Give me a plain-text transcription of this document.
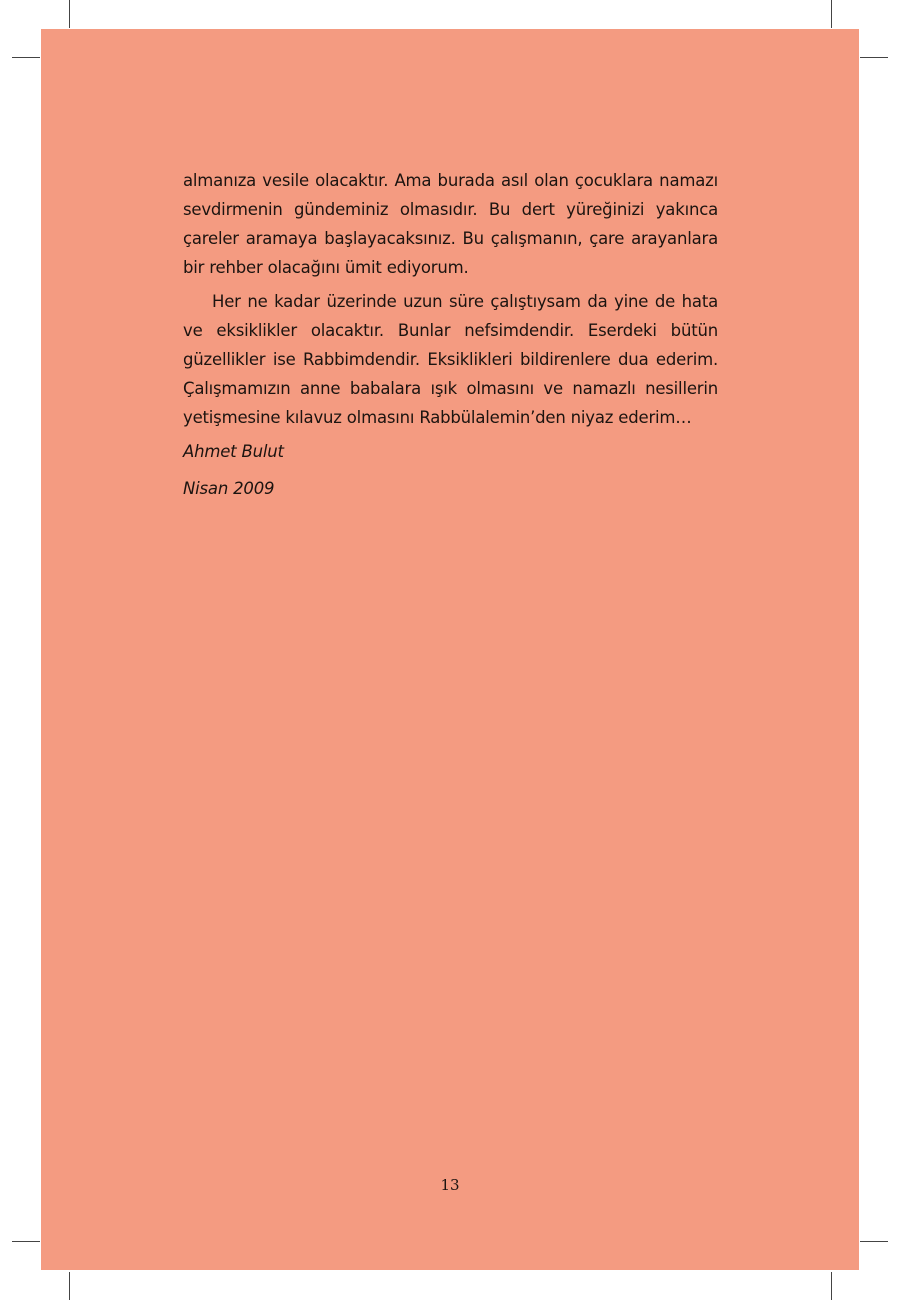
almanıza vesile olacaktır. Ama burada asıl olan çocuklara namazı sevdirmenin gündeminiz olmasıdır. Bu dert yüreğinizi yakınca çareler aramaya başlayacaksınız. Bu çalışmanın, çare arayanlara bir rehber olacağını ümit ediyorum.

Her ne kadar üzerinde uzun süre çalıştıysam da yine de hata ve eksiklikler olacaktır. Bunlar nefsimdendir. Eserdeki bütün güzellikler ise Rabbimdendir. Eksiklikleri bildirenlere dua ederim. Çalışmamızın anne babalara ışık olmasını ve namazlı nesillerin yetişmesine kılavuz olmasını Rabbülalemin’den niyaz ederim…

Ahmet Bulut

Nisan 2009

13
